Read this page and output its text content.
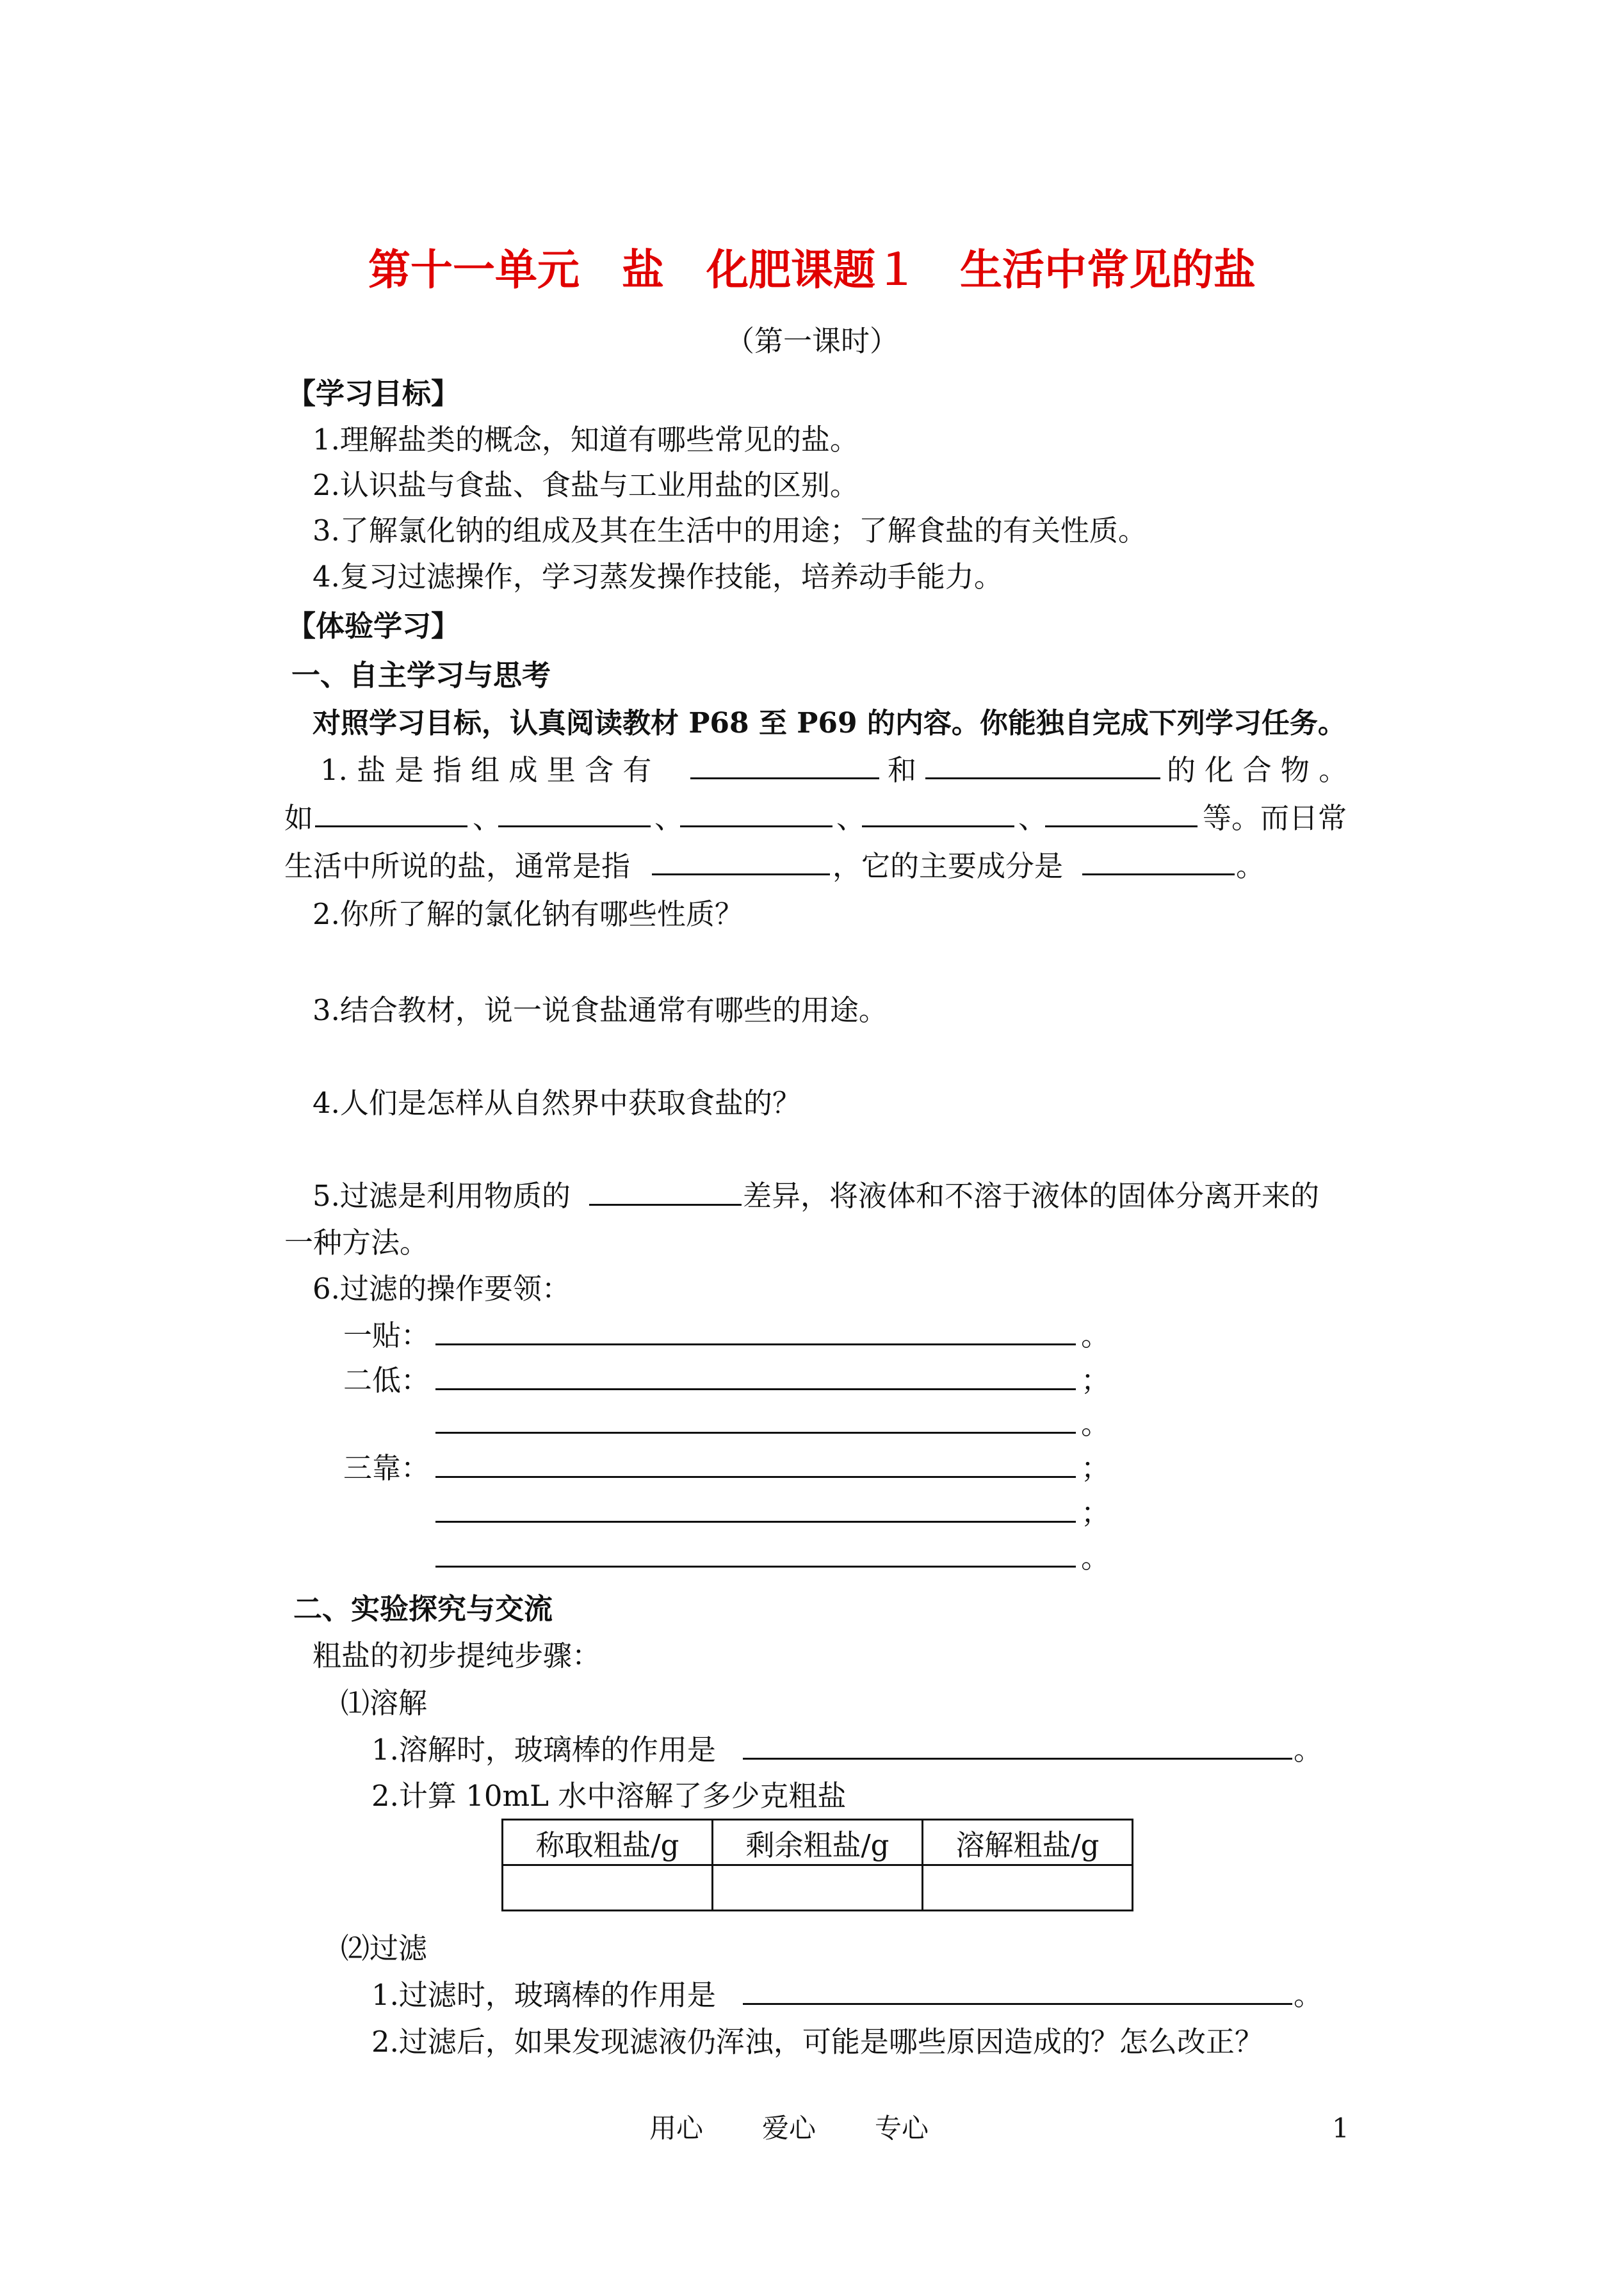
第十一单元　盐　化肥课题１　生活中常见的盐
（第一课时）
【学习目标】
1.理解盐类的概念，知道有哪些常见的盐。
2.认识盐与食盐、食盐与工业用盐的区别。
3.了解氯化钠的组成及其在生活中的用途；了解食盐的有关性质。
4.复习过滤操作，学习蒸发操作技能，培养动手能力。
【体验学习】
一、自主学习与思考
对照学习目标，认真阅读教材 P68 至 P69 的内容。你能独自完成下列学习任务。
1. 盐 是 指 组 成 里 含 有	和	的 化 合 物 。
如	、	、	、	、	等。而日常
生活中所说的盐，通常是指	，它的主要成分是	。
2.你所了解的氯化钠有哪些性质？
3.结合教材，说一说食盐通常有哪些的用途。
4.人们是怎样从自然界中获取食盐的？
5.过滤是利用物质的	差异，将液体和不溶于液体的固体分离开来的
一种方法。
6.过滤的操作要领：
一贴：	。
二低：	；
。
三靠：	；
；
。
二、实验探究与交流
粗盐的初步提纯步骤：
⑴溶解
1.溶解时，玻璃棒的作用是	。
2.计算 10mL 水中溶解了多少克粗盐
称取粗盐/g	剩余粗盐/g	溶解粗盐/g

⑵过滤
1.过滤时，玻璃棒的作用是	。
2.过滤后，如果发现滤液仍浑浊，可能是哪些原因造成的？怎么改正？
用心 爱心 专心	1
